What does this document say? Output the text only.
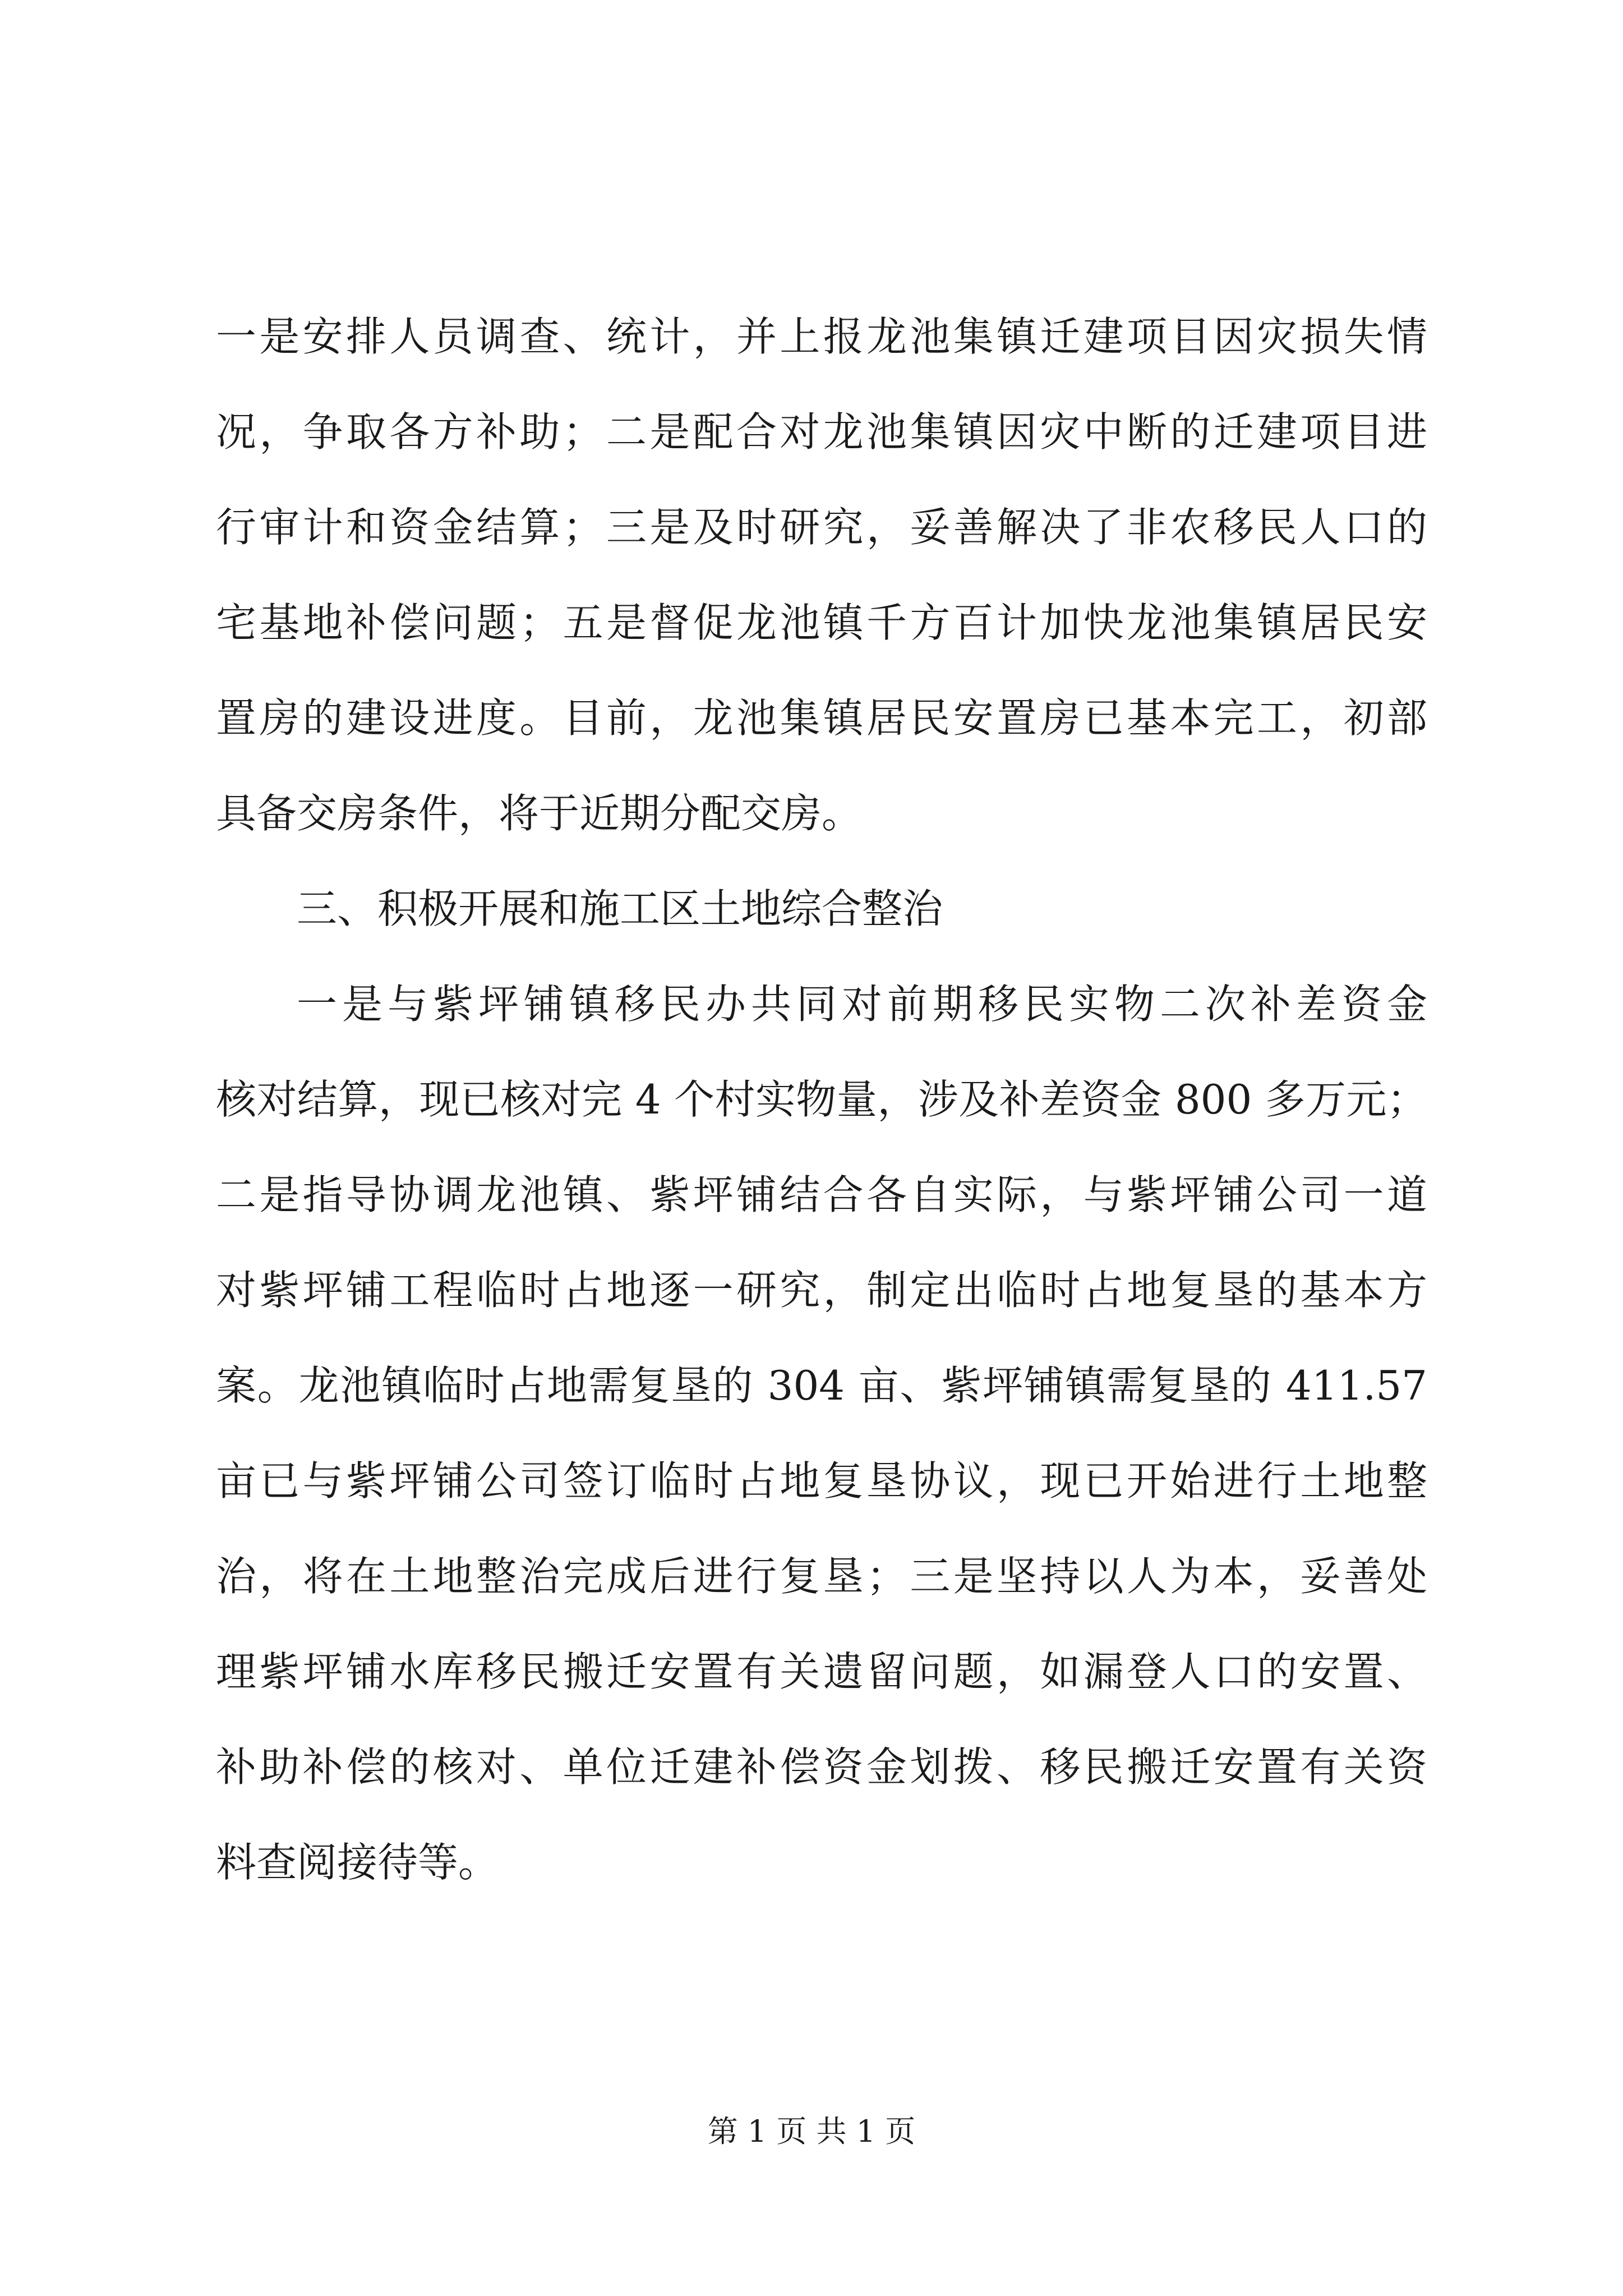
一是安排人员调查、统计，并上报龙池集镇迁建项目因灾损失情
况，争取各方补助；二是配合对龙池集镇因灾中断的迁建项目进
行审计和资金结算；三是及时研究，妥善解决了非农移民人口的
宅基地补偿问题；五是督促龙池镇千方百计加快龙池集镇居民安
置房的建设进度。目前，龙池集镇居民安置房已基本完工，初部
具备交房条件，将于近期分配交房。
三、积极开展和施工区土地综合整治
一是与紫坪铺镇移民办共同对前期移民实物二次补差资金
核对结算，现已核对完 4 个村实物量，涉及补差资金 800 多万元；
二是指导协调龙池镇、紫坪铺结合各自实际，与紫坪铺公司一道
对紫坪铺工程临时占地逐一研究，制定出临时占地复垦的基本方
案。龙池镇临时占地需复垦的 304 亩、紫坪铺镇需复垦的 411.57
亩已与紫坪铺公司签订临时占地复垦协议，现已开始进行土地整
治，将在土地整治完成后进行复垦；三是坚持以人为本，妥善处
理紫坪铺水库移民搬迁安置有关遗留问题，如漏登人口的安置、
补助补偿的核对、单位迁建补偿资金划拨、移民搬迁安置有关资
料查阅接待等。
第 1 页 共 1 页
